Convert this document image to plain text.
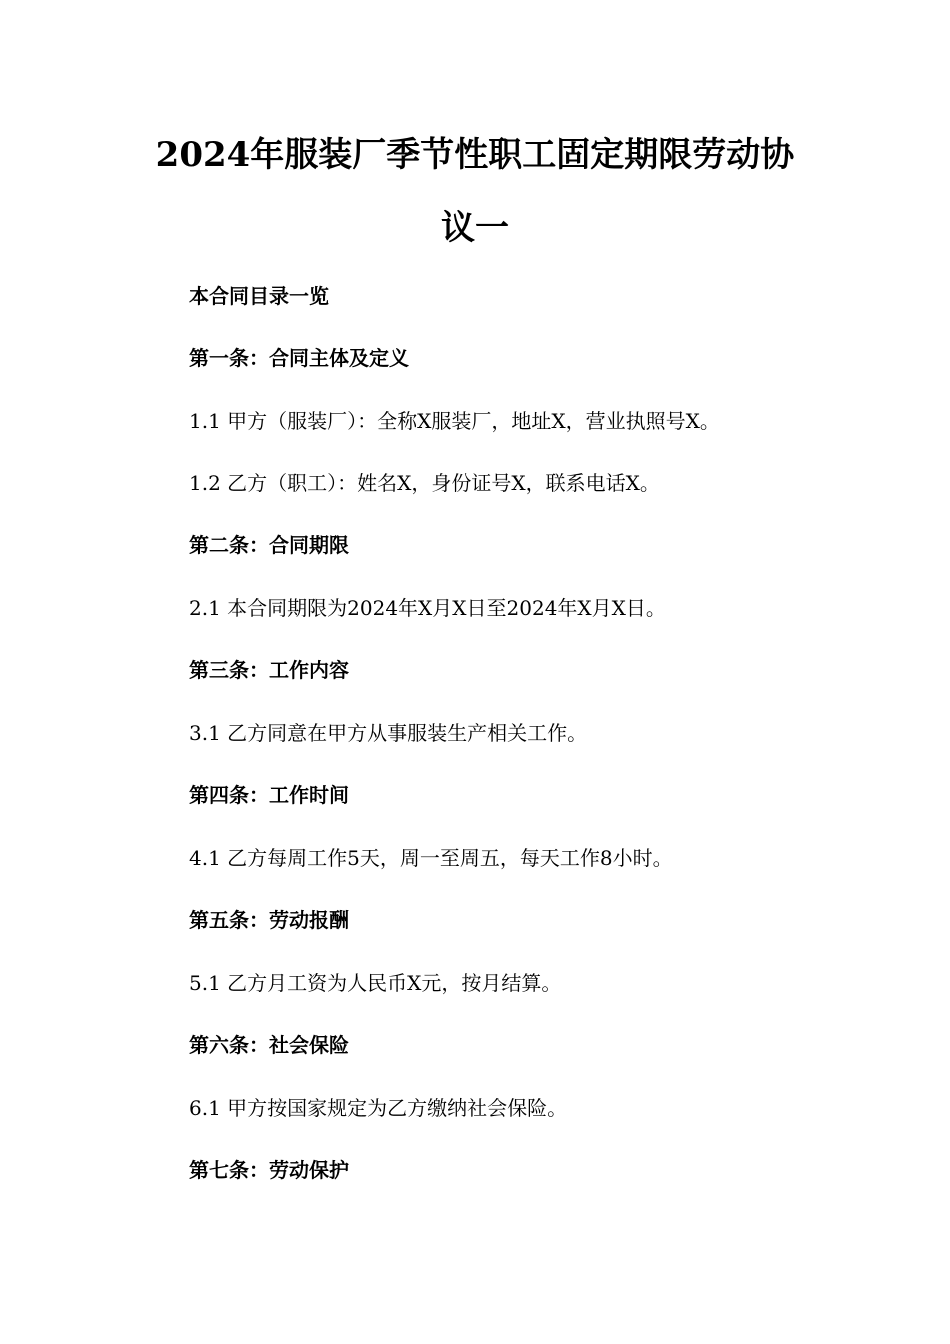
2024年服装厂季节性职工固定期限劳动协
议一

本合同目录一览

第一条：合同主体及定义

1.1 甲方（服装厂）：全称X服装厂，地址X，营业执照号X。

1.2 乙方（职工）：姓名X，身份证号X，联系电话X。

第二条：合同期限

2.1 本合同期限为2024年X月X日至2024年X月X日。

第三条：工作内容

3.1 乙方同意在甲方从事服装生产相关工作。

第四条：工作时间

4.1 乙方每周工作5天，周一至周五，每天工作8小时。

第五条：劳动报酬

5.1 乙方月工资为人民币X元，按月结算。

第六条：社会保险

6.1 甲方按国家规定为乙方缴纳社会保险。

第七条：劳动保护
